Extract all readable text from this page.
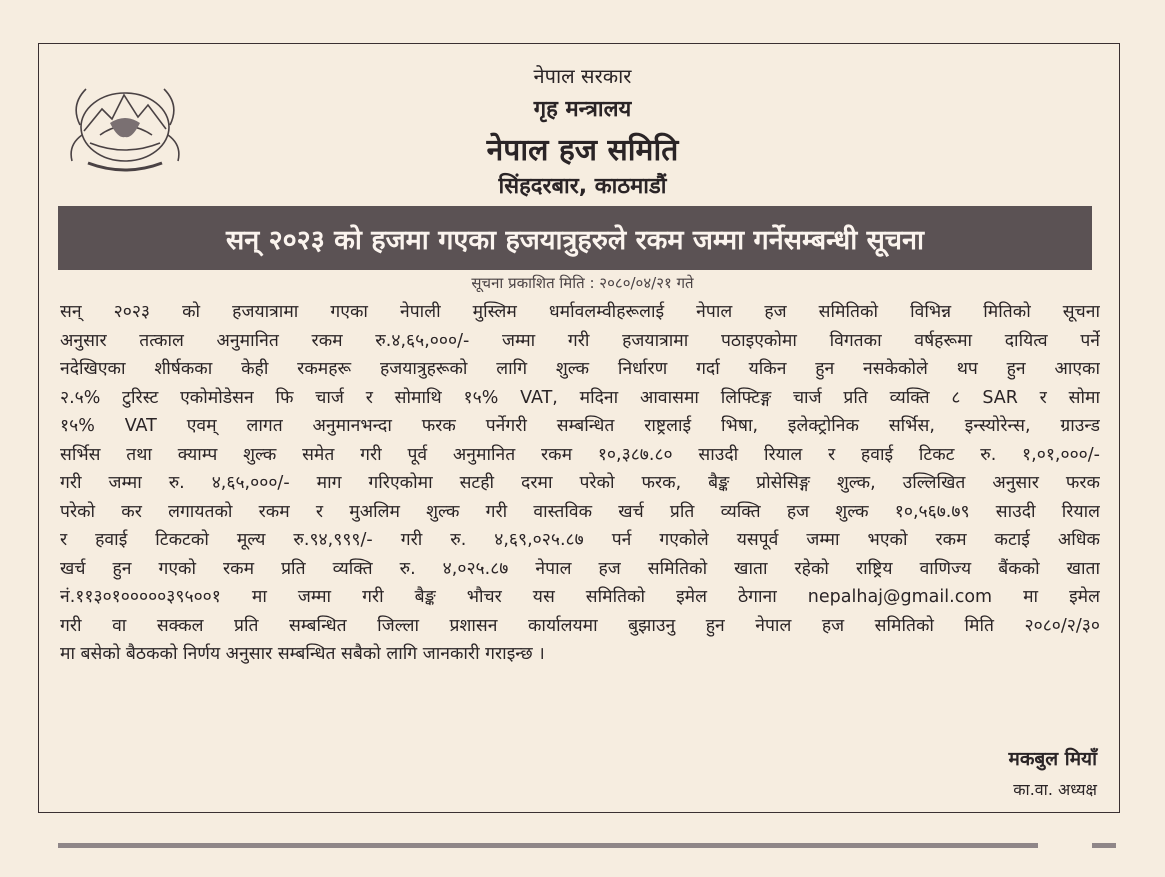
नेपाल सरकार
गृह मन्त्रालय
नेपाल हज समिति
सिंहदरबार, काठमाडौं
सन् २०२३ को हजमा गएका हजयात्रुहरुले रकम जम्मा गर्नेसम्बन्धी सूचना
सूचना प्रकाशित मिति : २०८०/०४/२१ गते
सन् २०२३ को हजयात्रामा गएका नेपाली मुस्लिम धर्मावलम्वीहरूलाई नेपाल हज समितिको विभिन्न मितिको सूचना
अनुसार तत्काल अनुमानित रकम रु.४,६५,०००/- जम्मा गरी हजयात्रामा पठाइएकोमा विगतका वर्षहरूमा दायित्व पर्ने
नदेखिएका शीर्षकका केही रकमहरू हजयात्रुहरूको लागि शुल्क निर्धारण गर्दा यकिन हुन नसकेकोले थप हुन आएका
२.५% टुरिस्ट एकोमोडेसन फि चार्ज र सोमाथि १५% VAT, मदिना आवासमा लिफ्टिङ्ग चार्ज प्रति व्यक्ति ८ SAR र सोमा
१५% VAT एवम् लागत अनुमानभन्दा फरक पर्नेगरी सम्बन्धित राष्ट्रलाई भिषा, इलेक्ट्रोनिक सर्भिस, इन्स्योरेन्स, ग्राउन्ड
सर्भिस तथा क्याम्प शुल्क समेत गरी पूर्व अनुमानित रकम १०,३८७.८० साउदी रियाल र हवाई टिकट रु. १,०१,०००/-
गरी जम्मा रु. ४,६५,०००/- माग गरिएकोमा सटही दरमा परेको फरक, बैङ्क प्रोसेसिङ्ग शुल्क, उल्लिखित अनुसार फरक
परेको कर लगायतको रकम र मुअलिम शुल्क गरी वास्तविक खर्च प्रति व्यक्ति हज शुल्क १०,५६७.७९ साउदी रियाल
र हवाई टिकटको मूल्य रु.९४,९९९/- गरी रु. ४,६९,०२५.८७ पर्न गएकोले यसपूर्व जम्मा भएको रकम कटाई अधिक
खर्च हुन गएको रकम प्रति व्यक्ति रु. ४,०२५.८७ नेपाल हज समितिको खाता रहेको राष्ट्रिय वाणिज्य बैंकको खाता
नं.११३०१०००००३९५००१ मा जम्मा गरी बैङ्क भौचर यस समितिको इमेल ठेगाना nepalhaj@gmail.com मा इमेल
गरी वा सक्कल प्रति सम्बन्धित जिल्ला प्रशासन कार्यालयमा बुझाउनु हुन नेपाल हज समितिको मिति २०८०/२/३०
मा बसेको बैठकको निर्णय अनुसार सम्बन्धित सबैको लागि जानकारी गराइन्छ ।
मकबुल मियाँ
का.वा. अध्यक्ष
